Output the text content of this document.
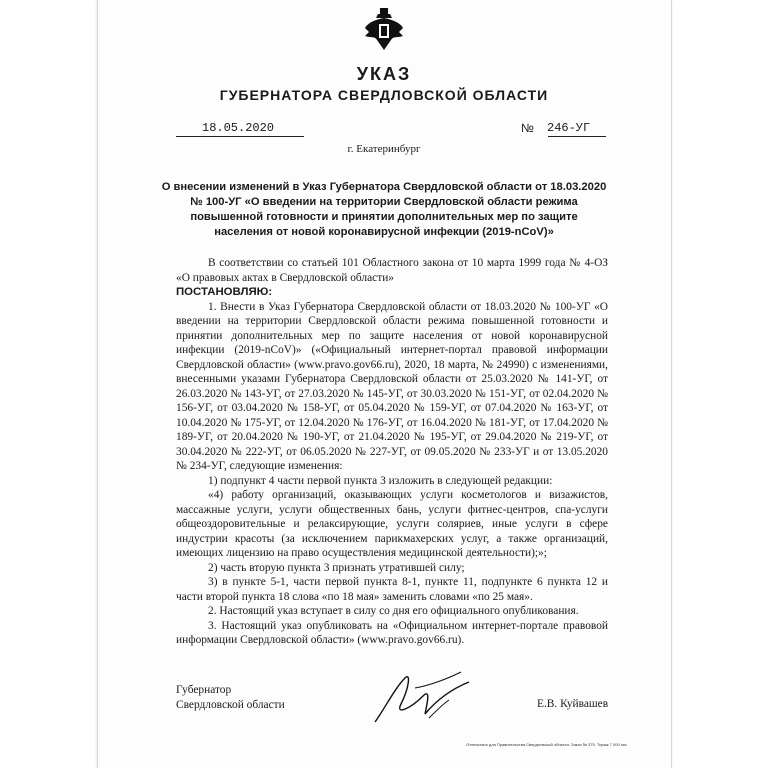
УКАЗ
ГУБЕРНАТОРА СВЕРДЛОВСКОЙ ОБЛАСТИ
18.05.2020	№ 246-УГ
г. Екатеринбург
О внесении изменений в Указ Губернатора Свердловской области от 18.03.2020 № 100-УГ «О введении на территории Свердловской области режима повышенной готовности и принятии дополнительных мер по защите населения от новой коронавирусной инфекции (2019-nCoV)»

В соответствии со статьей 101 Областного закона от 10 марта 1999 года № 4-ОЗ «О правовых актах в Свердловской области»

ПОСТАНОВЛЯЮ:

1. Внести в Указ Губернатора Свердловской области от 18.03.2020 № 100-УГ «О введении на территории Свердловской области режима повышенной готовности и принятии дополнительных мер по защите населения от новой коронавирусной инфекции (2019-nCoV)» («Официальный интернет-портал правовой информации Свердловской области» (www.pravo.gov66.ru), 2020, 18 марта, № 24990) с изменениями, внесенными указами Губернатора Свердловской области от 25.03.2020 № 141-УГ, от 26.03.2020 № 143-УГ, от 27.03.2020 № 145-УГ, от 30.03.2020 № 151-УГ, от 02.04.2020 № 156-УГ, от 03.04.2020 № 158-УГ, от 05.04.2020 № 159-УГ, от 07.04.2020 № 163-УГ, от 10.04.2020 № 175-УГ, от 12.04.2020 № 176-УГ, от 16.04.2020 № 181-УГ, от 17.04.2020 № 189-УГ, от 20.04.2020 № 190-УГ, от 21.04.2020 № 195-УГ, от 29.04.2020 № 219-УГ, от 30.04.2020 № 222-УГ, от 06.05.2020 № 227-УГ, от 09.05.2020 № 233-УГ и от 13.05.2020 № 234-УГ, следующие изменения:

1) подпункт 4 части первой пункта 3 изложить в следующей редакции:

«4) работу организаций, оказывающих услуги косметологов и визажистов, массажные услуги, услуги общественных бань, услуги фитнес-центров, спа-услуги общеоздоровительные и релаксирующие, услуги соляриев, иные услуги в сфере индустрии красоты (за исключением парикмахерских услуг, а также организаций, имеющих лицензию на право осуществления медицинской деятельности);»;

2) часть вторую пункта 3 признать утратившей силу;

3) в пункте 5-1, части первой пункта 8-1, пункте 11, подпункте 6 пункта 12 и части второй пункта 18 слова «по 18 мая» заменить словами «по 25 мая».

2. Настоящий указ вступает в силу со дня его официального опубликования.

3. Настоящий указ опубликовать на «Официальном интернет-портале правовой информации Свердловской области» (www.pravo.gov66.ru).

Губернатор
Свердловской области	Е.В. Куйвашев
Отпечатано для Правительства Свердловской области. Заказ № 375. Тираж 7 000 экз.
